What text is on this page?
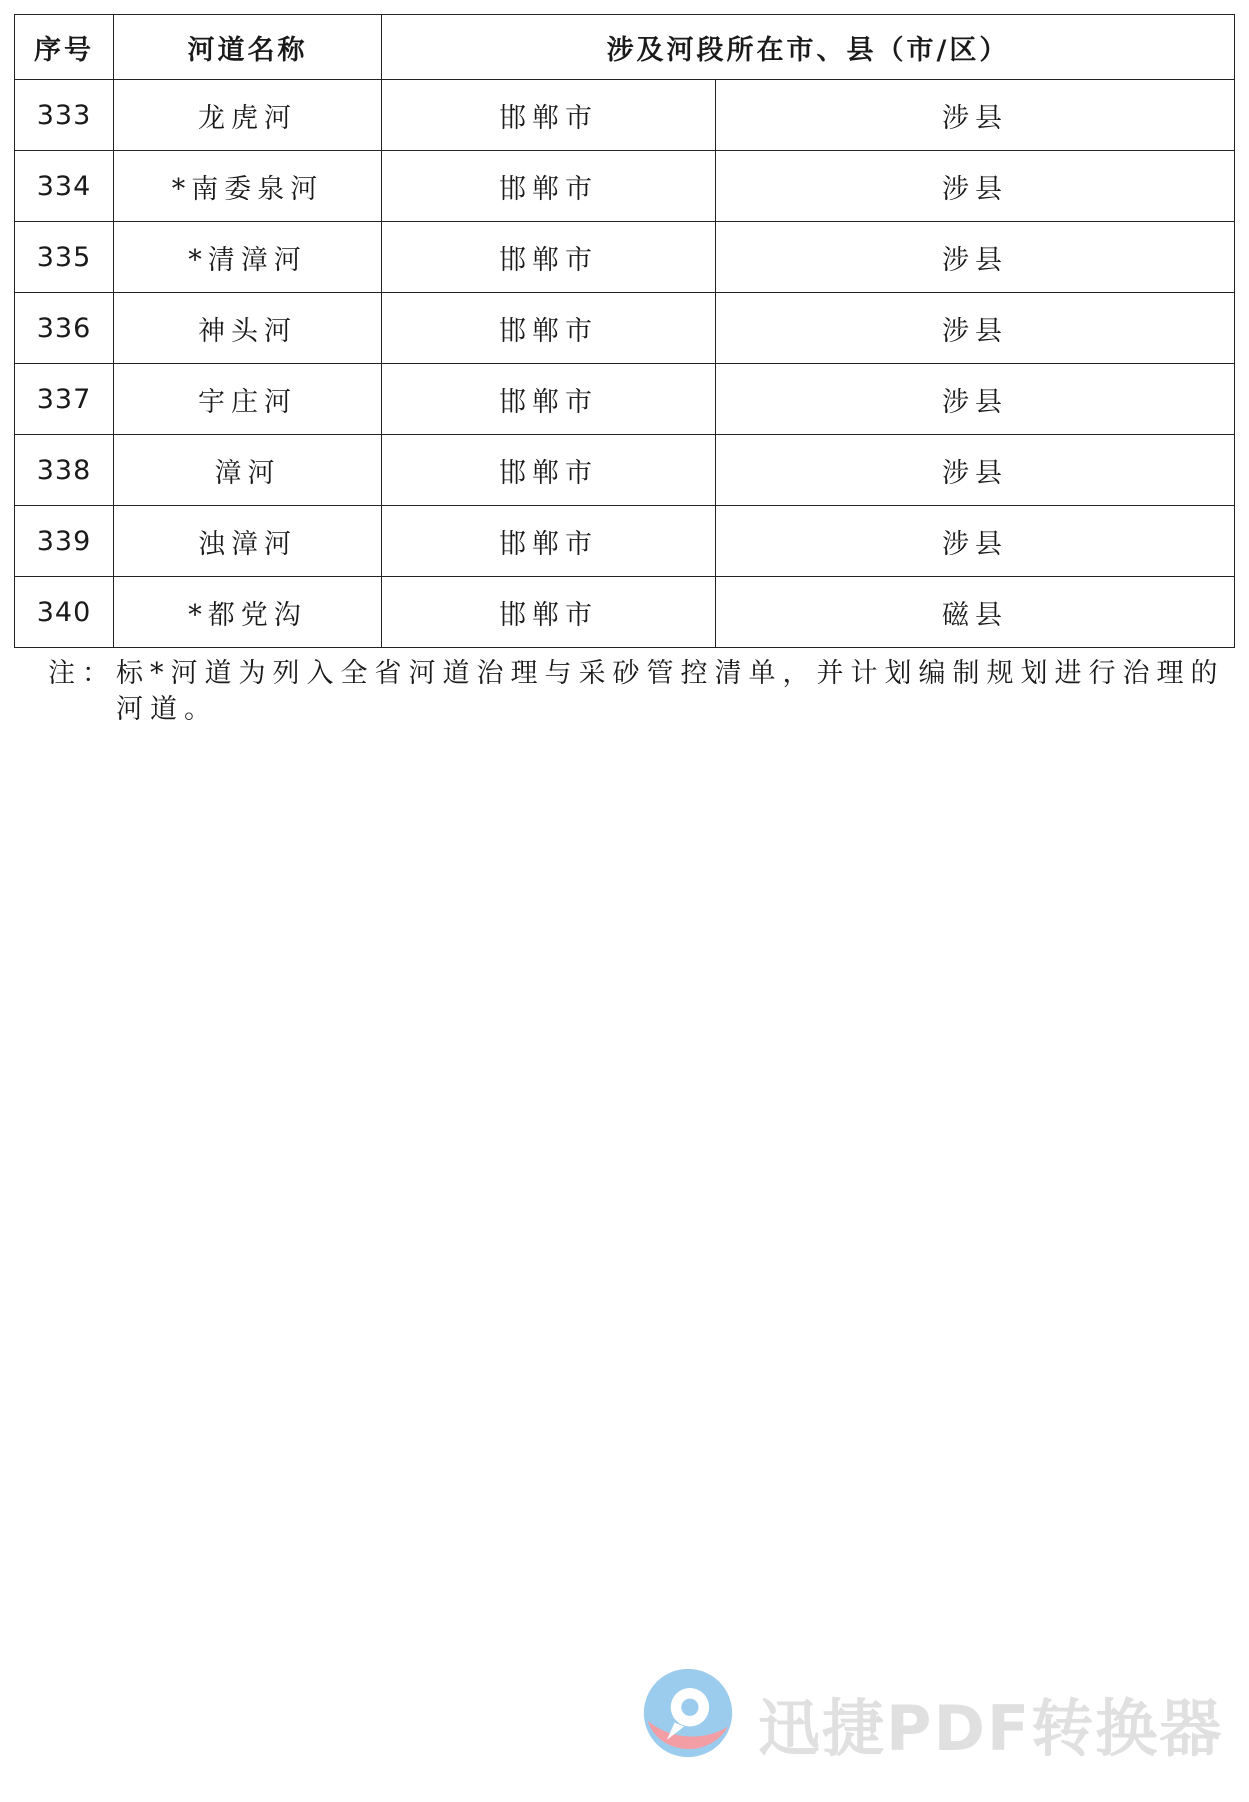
序号	河道名称	涉及河段所在市、县（市/区）	
333	龙虎河	邯郸市	涉县
334	*南委泉河	邯郸市	涉县
335	*清漳河	邯郸市	涉县
336	神头河	邯郸市	涉县
337	宇庄河	邯郸市	涉县
338	漳河	邯郸市	涉县
339	浊漳河	邯郸市	涉县
340	*都党沟	邯郸市	磁县
注：标*河道为列入全省河道治理与采砂管控清单，并计划编制规划进行治理的河道。
迅捷PDF转换器
